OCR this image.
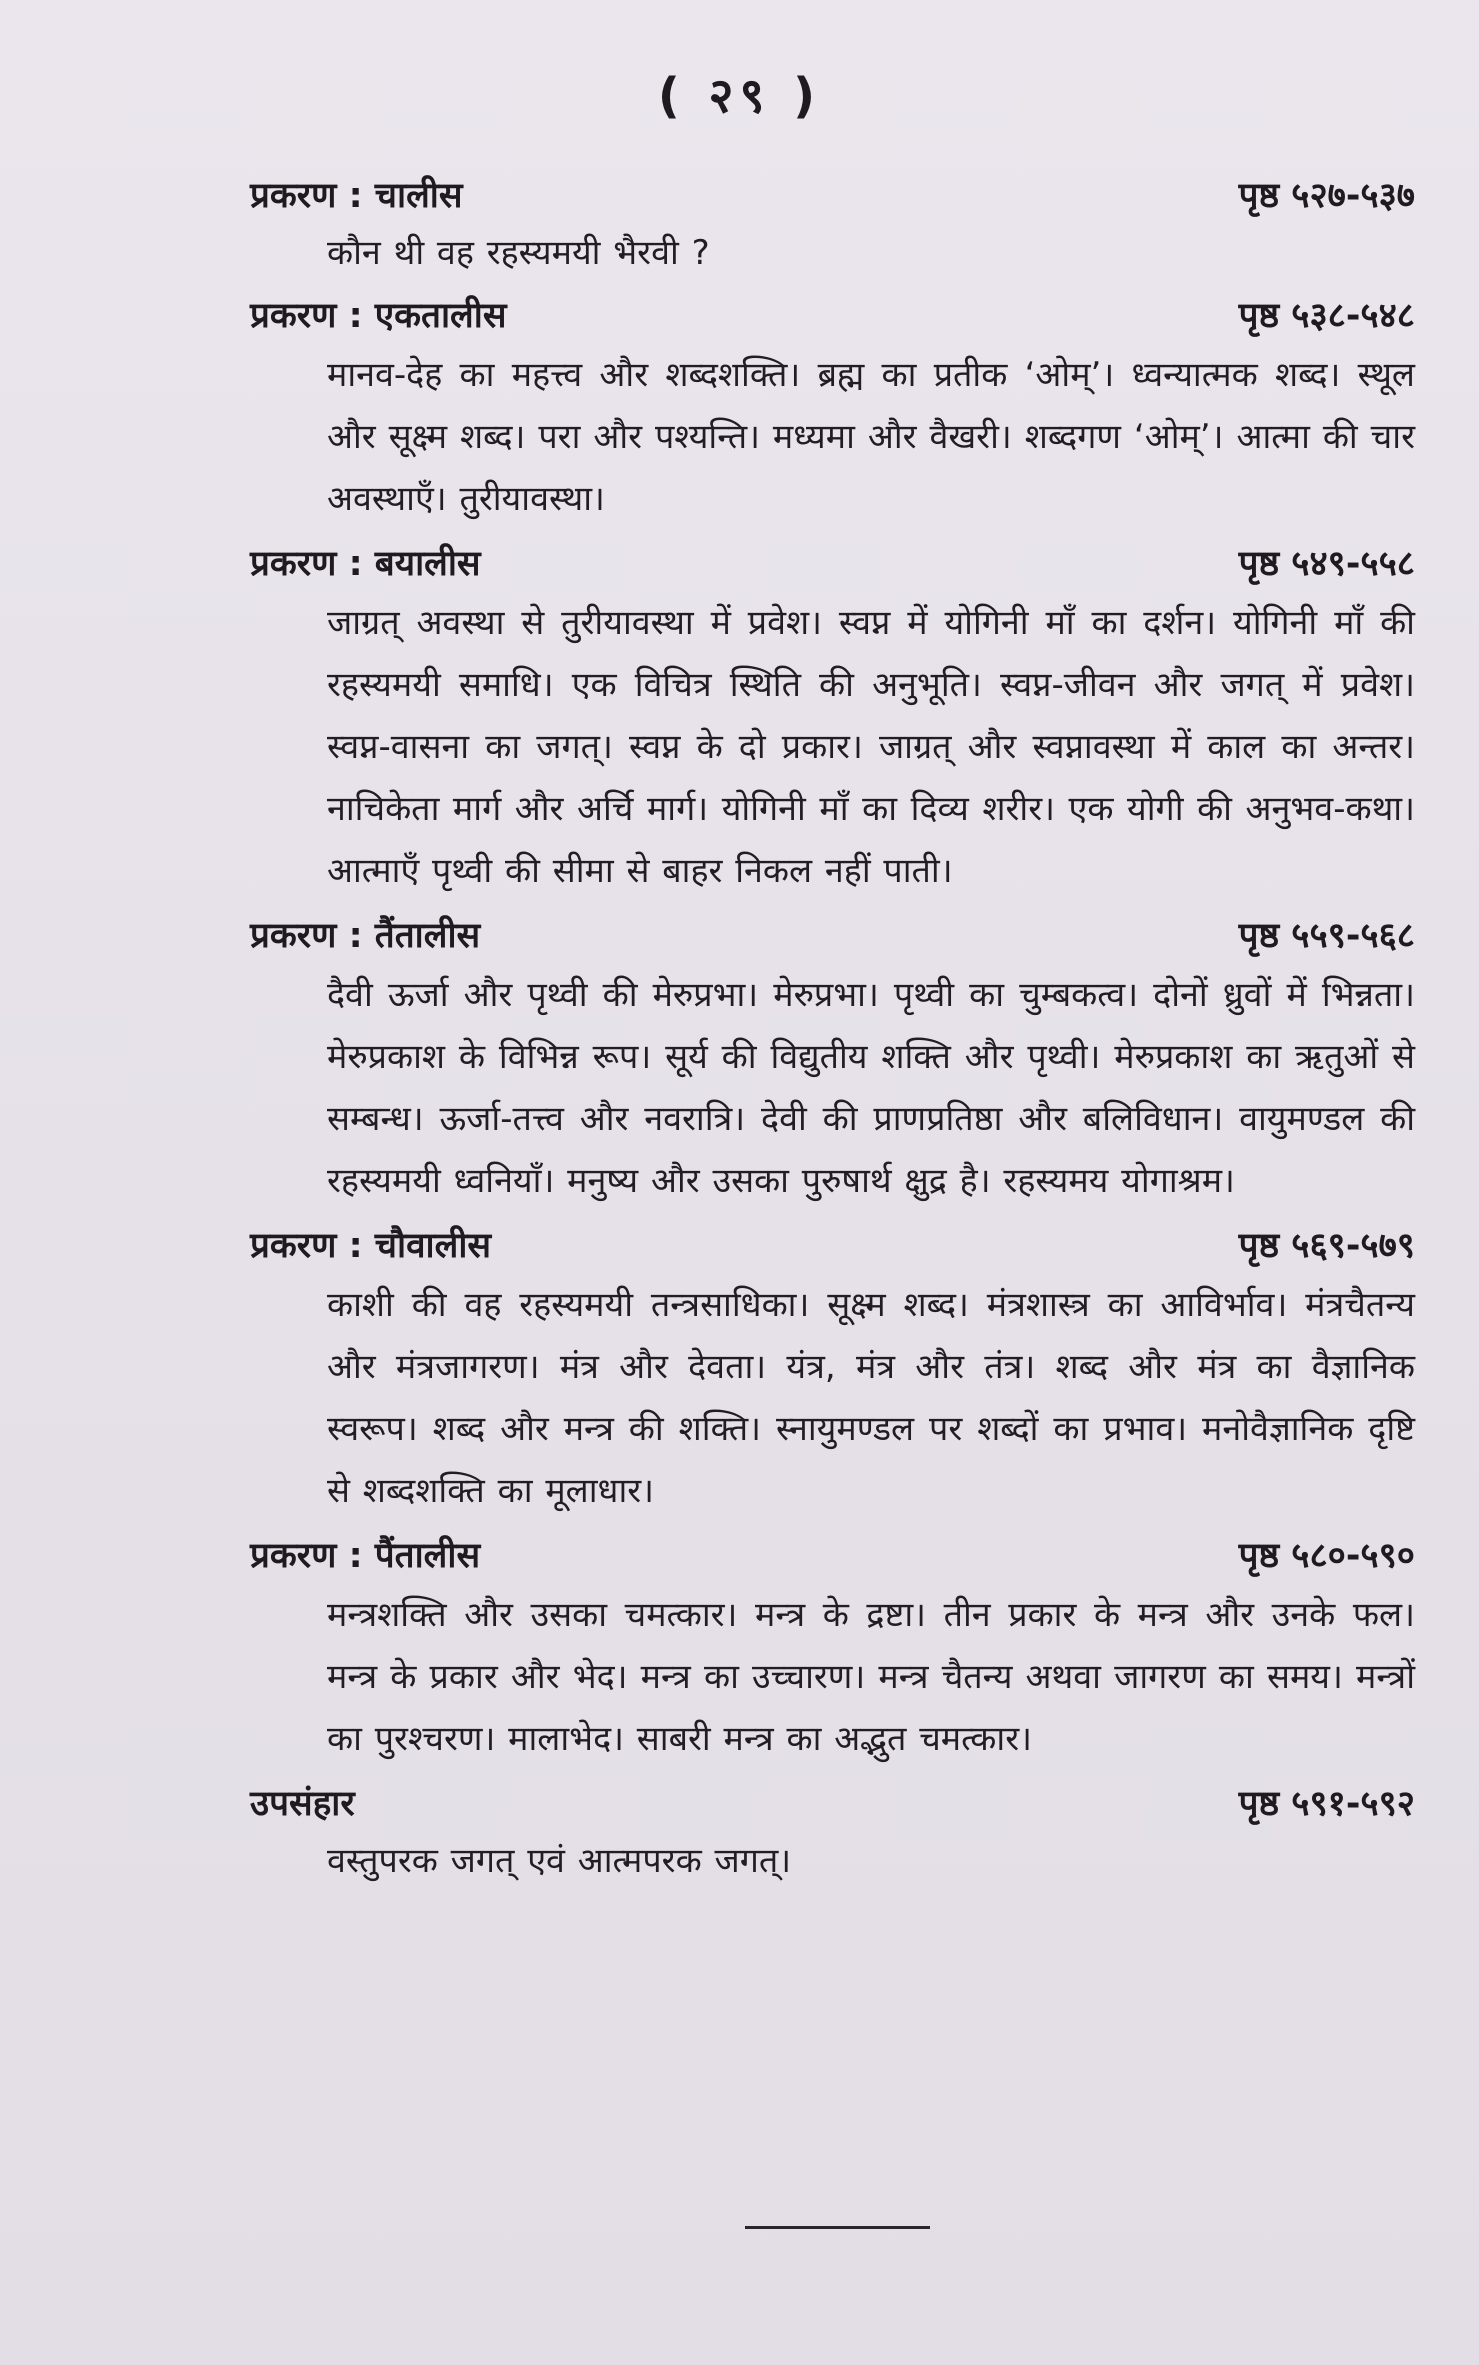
( २९ )
प्रकरण : चालीस	पृष्ठ ५२७-५३७
कौन थी वह रहस्यमयी भैरवी ?
प्रकरण : एकतालीस	पृष्ठ ५३८-५४८
मानव-देह का महत्त्व और शब्दशक्ति। ब्रह्म का प्रतीक ‘ओम्’। ध्वन्यात्मक शब्द। स्थूल और सूक्ष्म शब्द। परा और पश्यन्ति। मध्यमा और वैखरी। शब्दगण ‘ओम्’। आत्मा की चार अवस्थाएँ। तुरीयावस्था।
प्रकरण : बयालीस	पृष्ठ ५४९-५५८
जाग्रत् अवस्था से तुरीयावस्था में प्रवेश। स्वप्न में योगिनी माँ का दर्शन। योगिनी माँ की रहस्यमयी समाधि। एक विचित्र स्थिति की अनुभूति। स्वप्न-जीवन और जगत् में प्रवेश। स्वप्न-वासना का जगत्। स्वप्न के दो प्रकार। जाग्रत् और स्वप्नावस्था में काल का अन्तर। नाचिकेता मार्ग और अर्चि मार्ग। योगिनी माँ का दिव्य शरीर। एक योगी की अनुभव-कथा। आत्माएँ पृथ्वी की सीमा से बाहर निकल नहीं पाती।
प्रकरण : तैंतालीस	पृष्ठ ५५९-५६८
दैवी ऊर्जा और पृथ्वी की मेरुप्रभा। मेरुप्रभा। पृथ्वी का चुम्बकत्व। दोनों ध्रुवों में भिन्नता। मेरुप्रकाश के विभिन्न रूप। सूर्य की विद्युतीय शक्ति और पृथ्वी। मेरुप्रकाश का ऋतुओं से सम्बन्ध। ऊर्जा-तत्त्व और नवरात्रि। देवी की प्राणप्रतिष्ठा और बलिविधान। वायुमण्डल की रहस्यमयी ध्वनियाँ। मनुष्य और उसका पुरुषार्थ क्षुद्र है। रहस्यमय योगाश्रम।
प्रकरण : चौवालीस	पृष्ठ ५६९-५७९
काशी की वह रहस्यमयी तन्त्रसाधिका। सूक्ष्म शब्द। मंत्रशास्त्र का आविर्भाव। मंत्रचैतन्य और मंत्रजागरण। मंत्र और देवता। यंत्र, मंत्र और तंत्र। शब्द और मंत्र का वैज्ञानिक स्वरूप। शब्द और मन्त्र की शक्ति। स्नायुमण्डल पर शब्दों का प्रभाव। मनोवैज्ञानिक दृष्टि से शब्दशक्ति का मूलाधार।
प्रकरण : पैंतालीस	पृष्ठ ५८०-५९०
मन्त्रशक्ति और उसका चमत्कार। मन्त्र के द्रष्टा। तीन प्रकार के मन्त्र और उनके फल। मन्त्र के प्रकार और भेद। मन्त्र का उच्चारण। मन्त्र चैतन्य अथवा जागरण का समय। मन्त्रों का पुरश्चरण। मालाभेद। साबरी मन्त्र का अद्भुत चमत्कार।
उपसंहार	पृष्ठ ५९१-५९२
वस्तुपरक जगत् एवं आत्मपरक जगत्।
